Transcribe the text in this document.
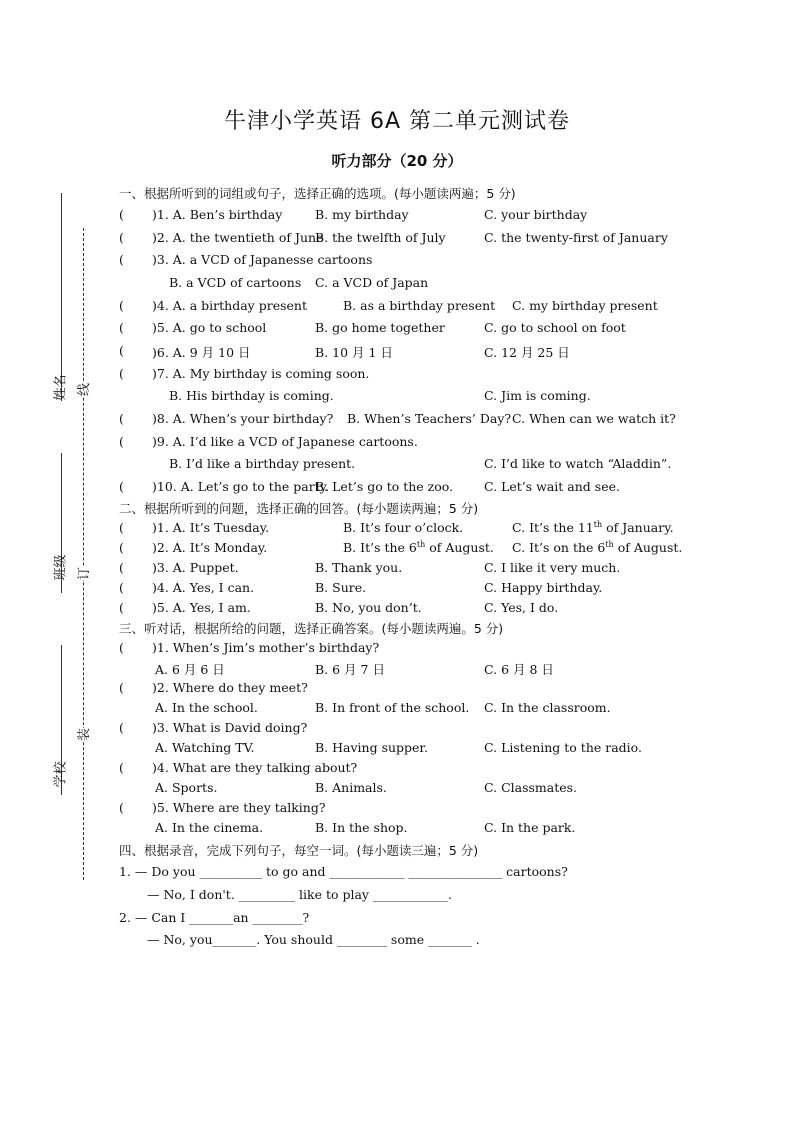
姓名
班级
学校
线
订
装
牛津小学英语 6A 第二单元测试卷
听力部分（20 分）
一、根据所听到的词组或句子，选择正确的选项。(每小题读两遍；5 分)
( )1. A. Ben’s birthday	B. my birthday	C. your birthday
( )2. A. the twentieth of June
B. the twelfth of July	C. the twenty-first of January
( )3. A. a VCD of Japanesse cartoons
B. a VCD of cartoons C. a VCD of Japan
( )4. A. a birthday present	B. as a birthday present C. my birthday present
( )5. A. go to school	B. go home together	C. go to school on foot
( )6. A. 9 月 10 日	B. 10 月 1 日	C. 12 月 25 日
( )7. A. My birthday is coming soon.
B. His birthday is coming.	C. Jim is coming.
( )8. A. When’s your birthday? B. When’s Teachers’ Day? C. When can we watch it?
( )9. A. I’d like a VCD of Japanese cartoons.
B. I’d like a birthday present.	C. I’d like to watch “Aladdin”.
( )10. A. Let’s go to the party.
B. Let’s go to the zoo. C. Let’s wait and see.
二、根据所听到的问题，选择正确的回答。(每小题读两遍；5 分)
( )1. A. It’s Tuesday.	B. It’s four o’clock.	C. It’s the 11th of January.
( )2. A. It’s Monday.	B. It’s the 6th of August. C. It’s on the 6th of August.
( )3. A. Puppet.	B. Thank you.	C. I like it very much.
( )4. A. Yes, I can.	B. Sure.	C. Happy birthday.
( )5. A. Yes, I am.	B. No, you don’t.	C. Yes, I do.
三、听对话，根据所给的问题，选择正确答案。(每小题读两遍。5 分)
( )1. When’s Jim’s mother’s birthday?
A. 6 月 6 日	B. 6 月 7 日	C. 6 月 8 日
( )2. Where do they meet?
A. In the school.	B. In front of the school. C. In the classroom.
( )3. What is David doing?
A. Watching TV.	B. Having supper.	C. Listening to the radio.
( )4. What are they talking about?
A. Sports.	B. Animals.	C. Classmates.
( )5. Where are they talking?
A. In the cinema.	B. In the shop.	C. In the park.
四、根据录音，完成下列句子，每空一词。(每小题读三遍；5 分)
1. — Do you __________ to go and ____________ _______________ cartoons?
— No, I don't. _________ like to play ____________.
2. — Can I _______an ________?
— No, you_______. You should ________ some _______ .
